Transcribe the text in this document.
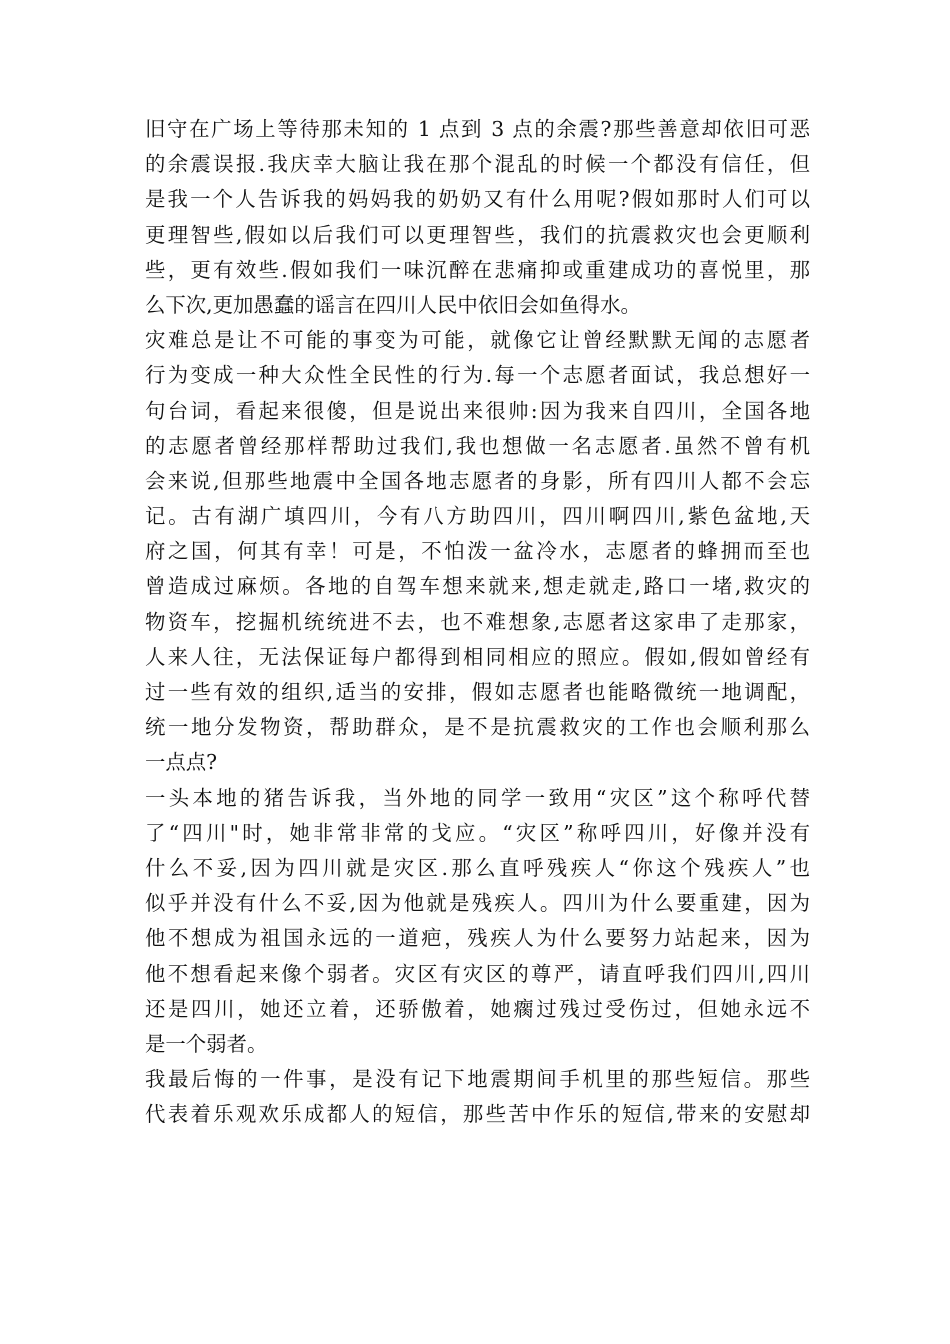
旧守在广场上等待那未知的 1 点到 3 点的余震?那些善意却依旧可恶
的余震误报.我庆幸大脑让我在那个混乱的时候一个都没有信任，但
是我一个人告诉我的妈妈我的奶奶又有什么用呢?假如那时人们可以
更理智些,假如以后我们可以更理智些，我们的抗震救灾也会更顺利
些，更有效些.假如我们一味沉醉在悲痛抑或重建成功的喜悦里，那
么下次,更加愚蠢的谣言在四川人民中依旧会如鱼得水。
灾难总是让不可能的事变为可能，就像它让曾经默默无闻的志愿者
行为变成一种大众性全民性的行为.每一个志愿者面试，我总想好一
句台词，看起来很傻，但是说出来很帅:因为我来自四川，全国各地
的志愿者曾经那样帮助过我们,我也想做一名志愿者.虽然不曾有机
会来说,但那些地震中全国各地志愿者的身影，所有四川人都不会忘
记。古有湖广填四川，今有八方助四川，四川啊四川,紫色盆地,天
府之国，何其有幸！可是，不怕泼一盆冷水，志愿者的蜂拥而至也
曾造成过麻烦。各地的自驾车想来就来,想走就走,路口一堵,救灾的
物资车，挖掘机统统进不去，也不难想象,志愿者这家串了走那家，
人来人往，无法保证每户都得到相同相应的照应。假如,假如曾经有
过一些有效的组织,适当的安排，假如志愿者也能略微统一地调配，
统一地分发物资，帮助群众，是不是抗震救灾的工作也会顺利那么
一点点?
一头本地的猪告诉我，当外地的同学一致用“灾区”这个称呼代替
了“四川"时，她非常非常的戈应。“灾区”称呼四川，好像并没有
什么不妥,因为四川就是灾区.那么直呼残疾人“你这个残疾人”也
似乎并没有什么不妥,因为他就是残疾人。四川为什么要重建，因为
他不想成为祖国永远的一道疤，残疾人为什么要努力站起来，因为
他不想看起来像个弱者。灾区有灾区的尊严，请直呼我们四川,四川
还是四川，她还立着，还骄傲着，她瘸过残过受伤过，但她永远不
是一个弱者。
我最后悔的一件事，是没有记下地震期间手机里的那些短信。那些
代表着乐观欢乐成都人的短信，那些苦中作乐的短信,带来的安慰却
